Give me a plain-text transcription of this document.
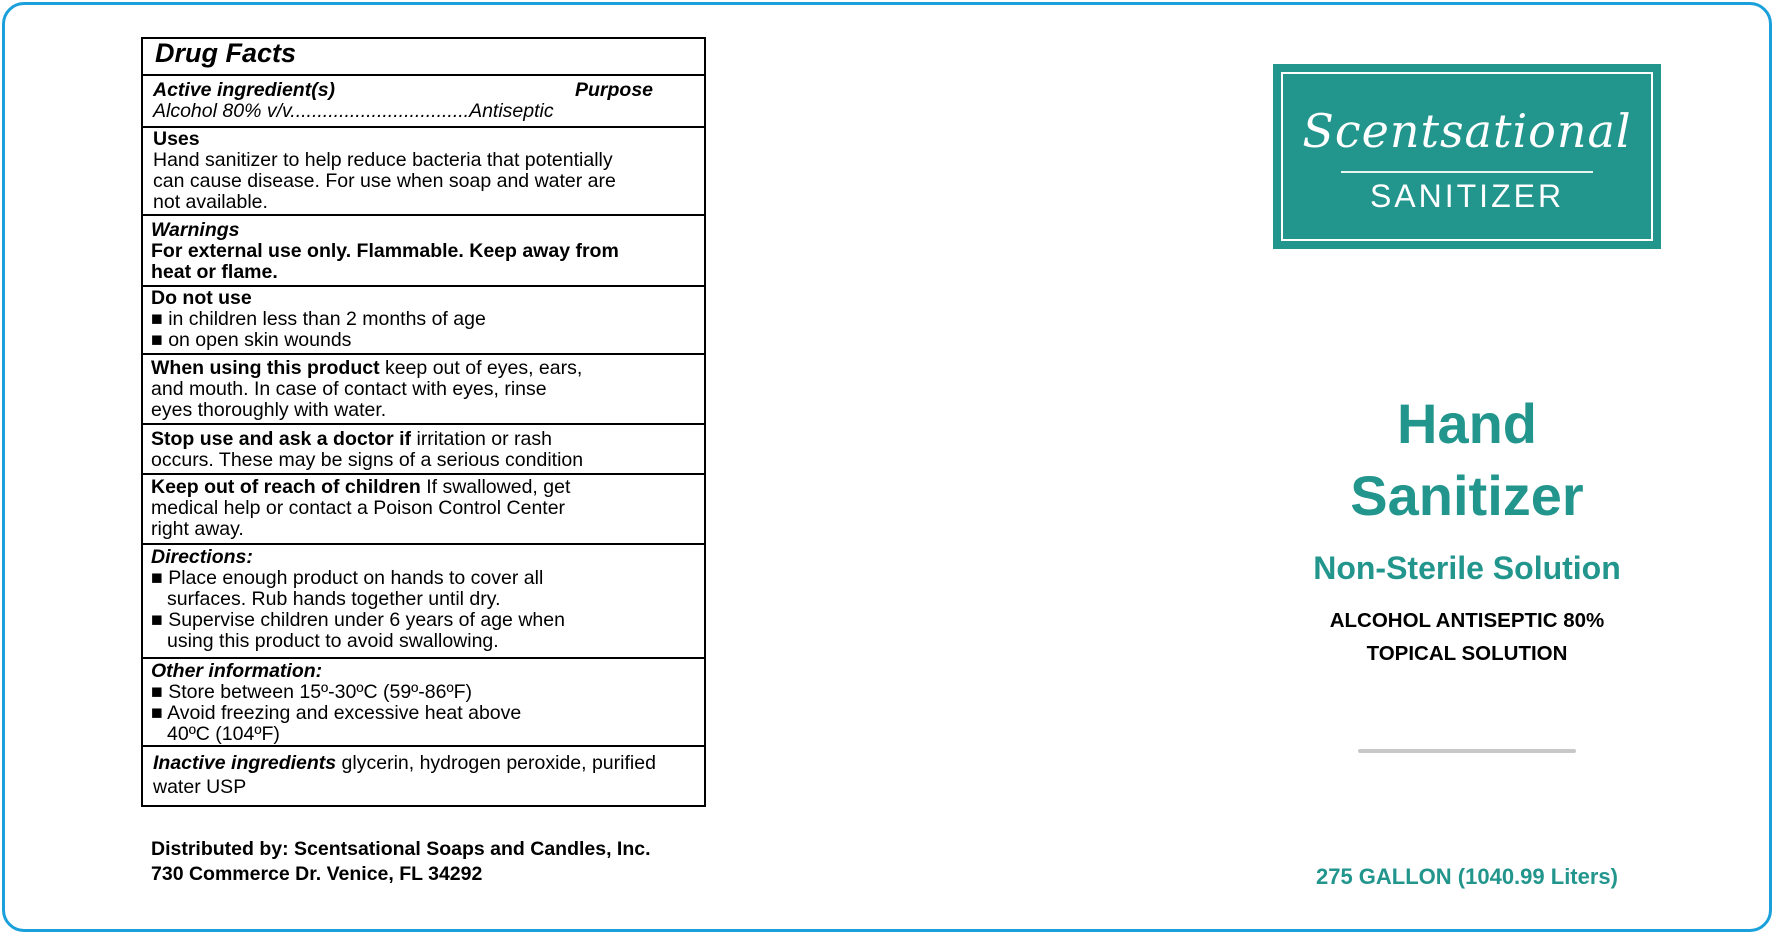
Drug Facts
Active ingredient(s)	Purpose
Alcohol 80% v/v.................................Antiseptic
Uses
Hand sanitizer to help reduce bacteria that potentially
can cause disease. For use when soap and water are
not available.
Warnings
For external use only. Flammable. Keep away from
heat or flame.
Do not use
■ in children less than 2 months of age
■ on open skin wounds
When using this product keep out of eyes, ears,
and mouth. In case of contact with eyes, rinse
eyes thoroughly with water.
Stop use and ask a doctor if irritation or rash
occurs. These may be signs of a serious condition
Keep out of reach of children If swallowed, get
medical help or contact a Poison Control Center
right away.
Directions:
■ Place enough product on hands to cover all
surfaces. Rub hands together until dry.
■ Supervise children under 6 years of age when
using this product to avoid swallowing.
Other information:
■ Store between 15º-30ºC (59º-86ºF)
■ Avoid freezing and excessive heat above
40ºC (104ºF)
Inactive ingredients glycerin, hydrogen peroxide, purified
water USP
Distributed by: Scentsational Soaps and Candles, Inc.
730 Commerce Dr. Venice, FL 34292
Scentsational
SANITIZER
Hand
Sanitizer
Non-Sterile Solution
ALCOHOL ANTISEPTIC 80%
TOPICAL SOLUTION
275 GALLON (1040.99 Liters)
